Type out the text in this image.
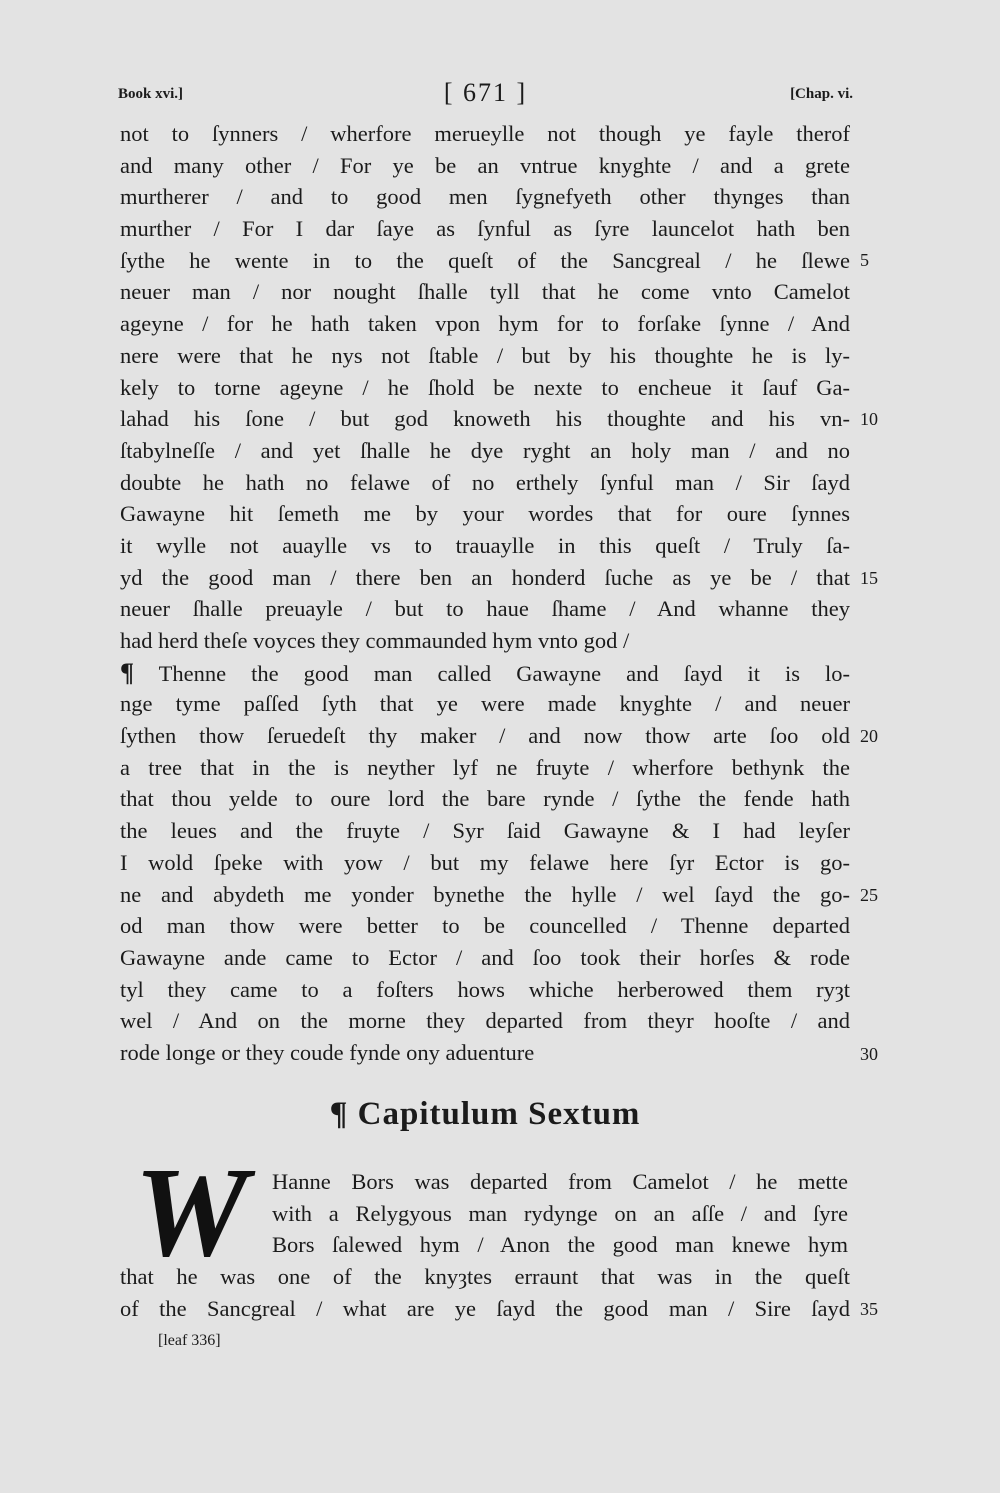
Book xvi.]	[ 671 ]	[Chap. vi.
not to ſynners / wherfore merueylle not though ye fayle therof
and many other / For ye be an vntrue knyghte / and a grete
murtherer / and to good men ſygnefyeth other thynges than
murther / For I dar ſaye as ſynful as ſyre launcelot hath ben
ſythe he wente in to the queſt of the Sancgreal / he ſlewe
neuer man / nor nought ſhalle tyll that he come vnto Camelot
ageyne / for he hath taken vpon hym for to forſake ſynne / And
nere were that he nys not ſtable / but by his thoughte he is ly-
kely to torne ageyne / he ſhold be nexte to encheue it ſauf Ga-
lahad his ſone / but god knoweth his thoughte and his vn-
ſtabylneſſe / and yet ſhalle he dye ryght an holy man / and no
doubte he hath no felawe of no erthely ſynful man / Sir ſayd
Gawayne hit ſemeth me by your wordes that for oure ſynnes
it wylle not auaylle vs to trauaylle in this queſt / Truly ſa-
yd the good man / there ben an honderd ſuche as ye be / that
neuer ſhalle preuayle / but to haue ſhame / And whanne they
had herd theſe voyces they commaunded hym vnto god /
¶ Thenne the good man called Gawayne and ſayd it is lo-
nge tyme paſſed ſyth that ye were made knyghte / and neuer
ſythen thow ſeruedeſt thy maker / and now thow arte ſoo old
a tree that in the is neyther lyf ne fruyte / wherfore bethynk the
that thou yelde to oure lord the bare rynde / ſythe the fende hath
the leues and the fruyte / Syr ſaid Gawayne & I had leyſer
I wold ſpeke with yow / but my felawe here ſyr Ector is go-
ne and abydeth me yonder bynethe the hylle / wel ſayd the go-
od man thow were better to be councelled / Thenne departed
Gawayne ande came to Ector / and ſoo took their horſes & rode
tyl they came to a foſters hows whiche herberowed them ryȝt
wel / And on the morne they departed from theyr hooſte / and
rode longe or they coude fynde ony aduenture
5
10
15
20
25
30
35
¶ Capitulum Sextum
W	Hanne Bors was departed from Camelot / he mette
with a Relygyous man rydynge on an aſſe / and ſyre
Bors ſalewed hym / Anon the good man knewe hym
that he was one of the knyȝtes erraunt that was in the queſt
of the Sancgreal / what are ye ſayd the good man / Sire ſayd
[leaf 336]
